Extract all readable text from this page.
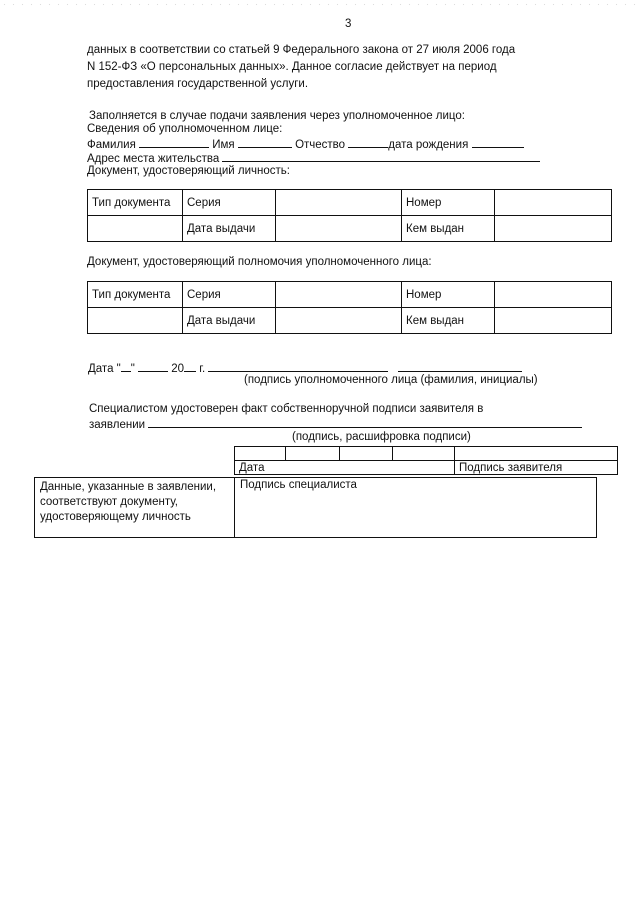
3
данных в соответствии со статьей 9 Федерального закона от 27 июля 2006 года
N 152-ФЗ «О персональных данных». Данное согласие действует на период
предоставления государственной услуги.
Заполняется в случае подачи заявления через уполномоченное лицо:
Сведения об уполномоченном лице:
Фамилия	Имя	Отчество	дата рождения
Адрес места жительства
Документ, удостоверяющий личность:
Тип документа	Серия		Номер	
	Дата выдачи		Кем выдан	
Документ, удостоверяющий полномочия уполномоченного лица:
Тип документа	Серия		Номер	
	Дата выдачи		Кем выдан	
Дата " "	20 г.
(подпись уполномоченного лица (фамилия, инициалы)
Специалистом удостоверен факт собственноручной подписи заявителя в
заявлении
(подпись, расшифровка подписи)

Дата				Подпись заявителя
Данные, указанные в заявлении, соответствуют документу, удостоверяющему личность	Подпись специалиста
